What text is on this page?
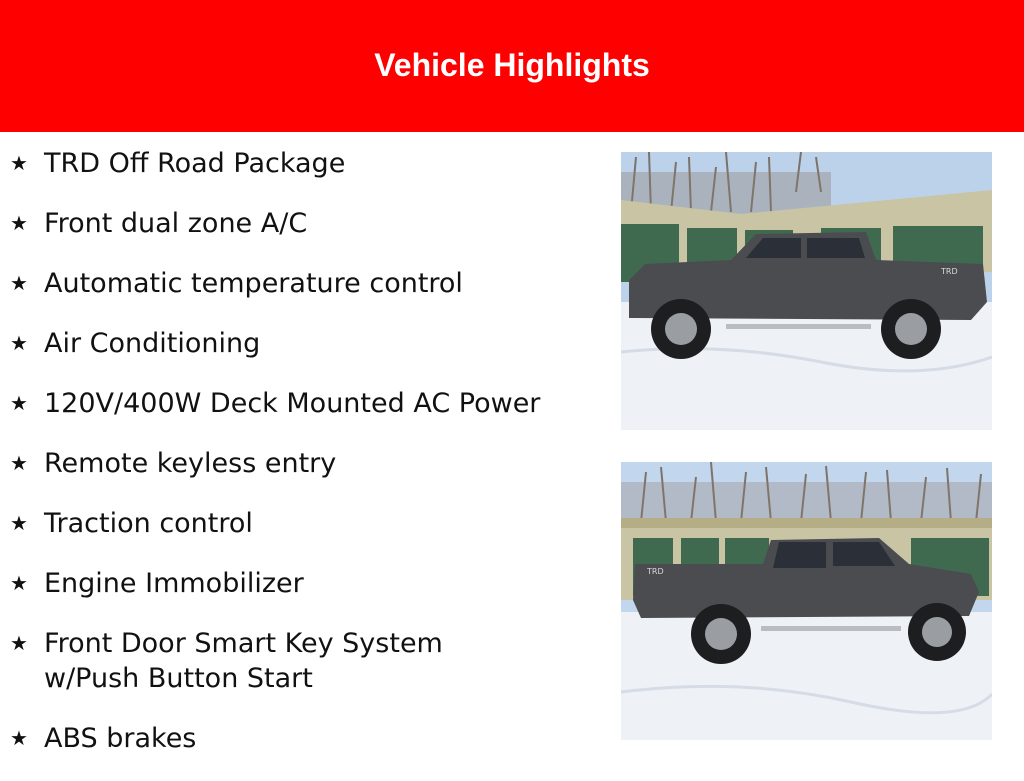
Vehicle Highlights
★ TRD Off Road Package
★ Front dual zone A/C
★ Automatic temperature control
★ Air Conditioning
★ 120V/400W Deck Mounted AC Power
★ Remote keyless entry
★ Traction control
★ Engine Immobilizer
★ Front Door Smart Key System
w/Push Button Start
★ ABS brakes
TRD
TRD
